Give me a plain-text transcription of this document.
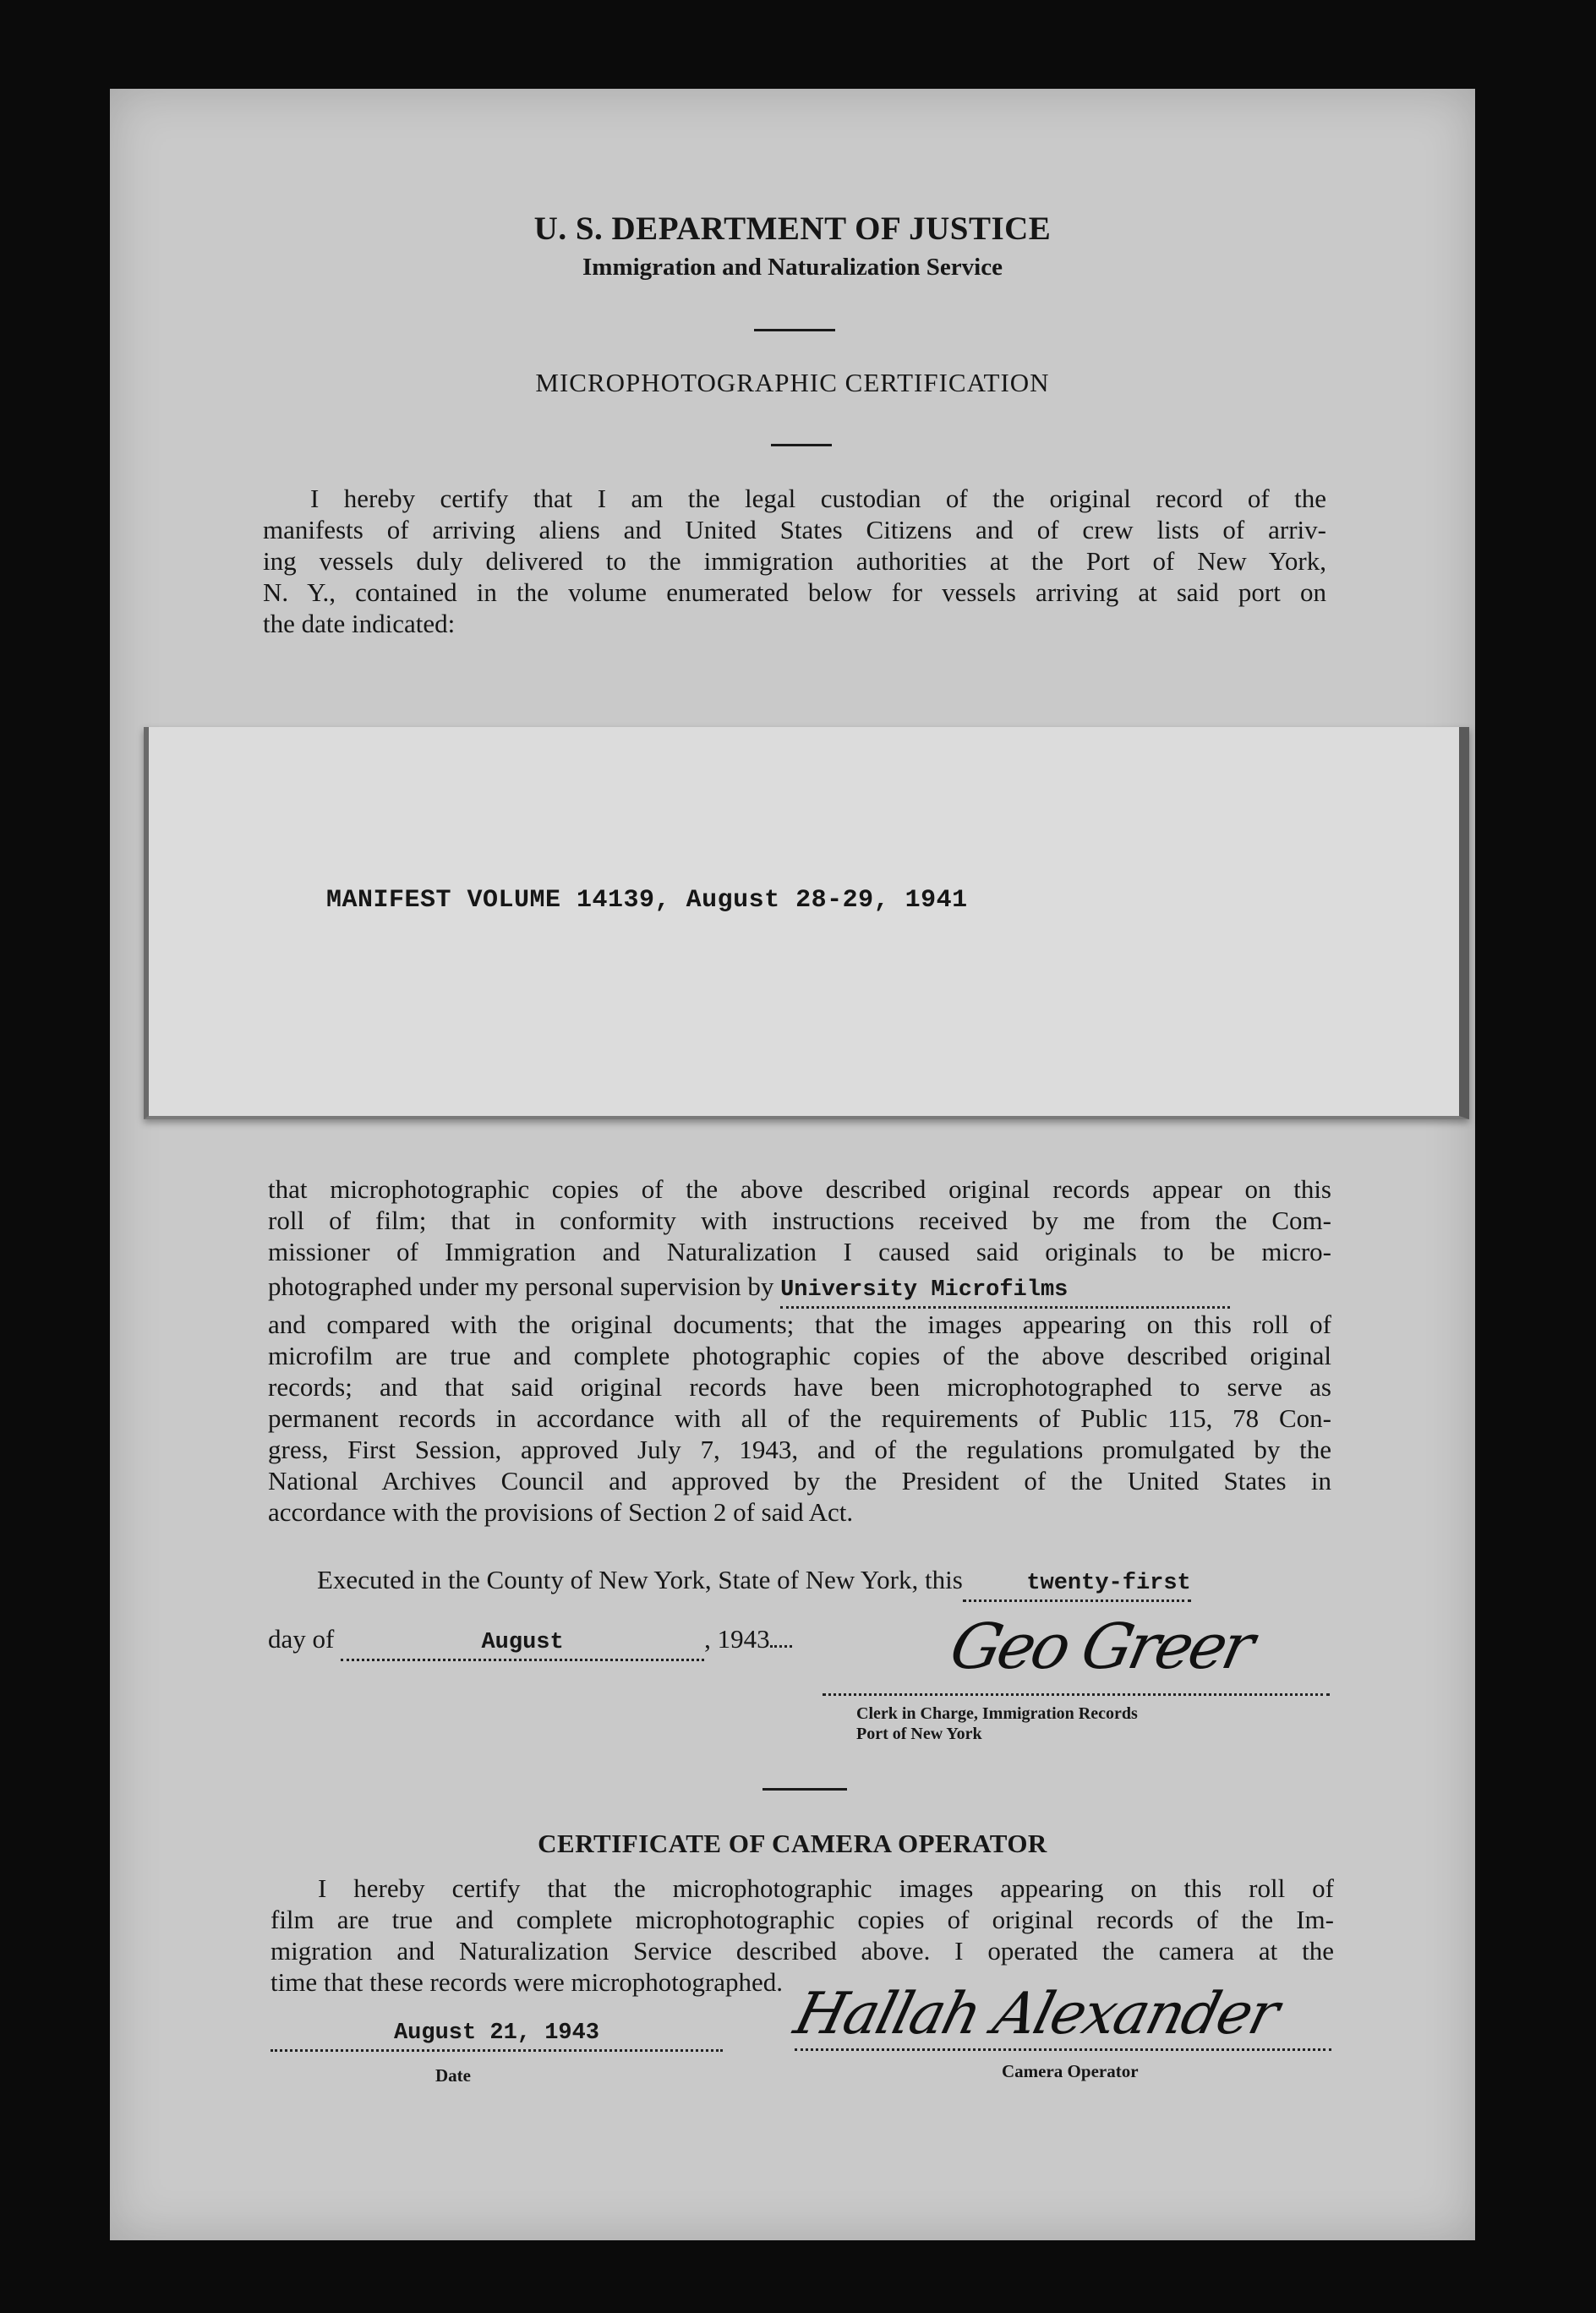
U. S. DEPARTMENT OF JUSTICE
Immigration and Naturalization Service
MICROPHOTOGRAPHIC CERTIFICATION
I hereby certify that I am the legal custodian of the original record of the
manifests of arriving aliens and United States Citizens and of crew lists of arriv-
ing vessels duly delivered to the immigration authorities at the Port of New York,
N. Y., contained in the volume enumerated below for vessels arriving at said port on
the date indicated:
MANIFEST VOLUME 14139, August 28-29, 1941
that microphotographic copies of the above described original records appear on this
roll of film; that in conformity with instructions received by me from the Com-
missioner of Immigration and Naturalization I caused said originals to be micro-
photographed under my personal supervision by University Microfilms
and compared with the original documents; that the images appearing on this roll of
microfilm are true and complete photographic copies of the above described original
records; and that said original records have been microphotographed to serve as
permanent records in accordance with all of the requirements of Public 115, 78 Con-
gress, First Session, approved July 7, 1943, and of the regulations promulgated by the
National Archives Council and approved by the President of the United States in
accordance with the provisions of Section 2 of said Act.
Executed in the County of New York, State of New York, this	twenty-first
day of	August	, 1943	Geo Greer
Clerk in Charge, Immigration Records
Port of New York
CERTIFICATE OF CAMERA OPERATOR
I hereby certify that the microphotographic images appearing on this roll of
film are true and complete microphotographic copies of original records of the Im-
migration and Naturalization Service described above. I operated the camera at the
time that these records were microphotographed.
August 21, 1943
Date
Hallah Alexander
Camera Operator
